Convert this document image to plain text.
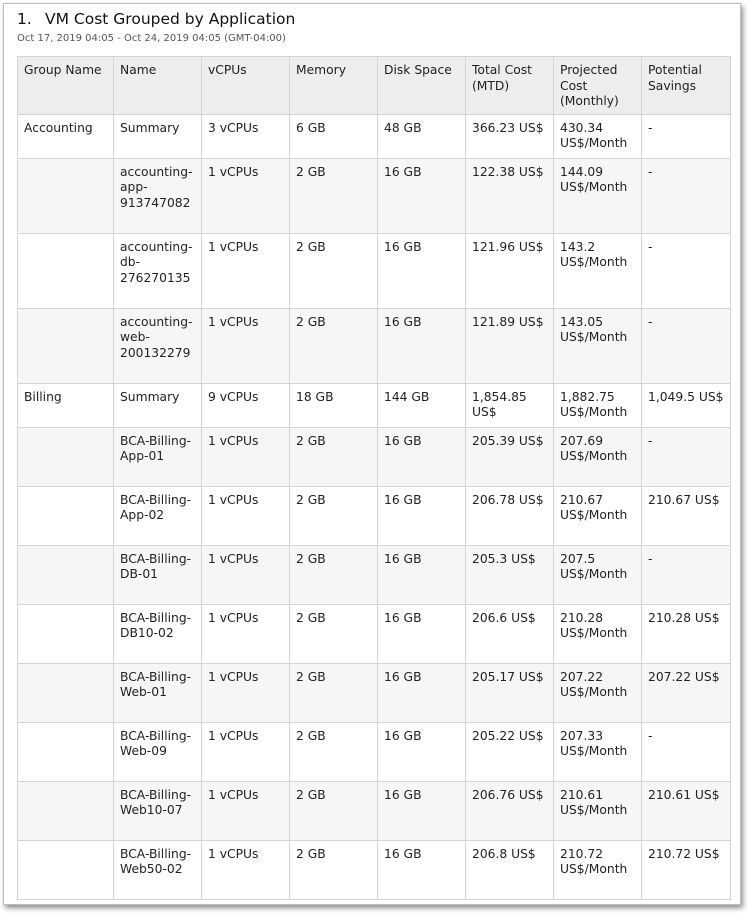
1. VM Cost Grouped by Application
Oct 17, 2019 04:05 - Oct 24, 2019 04:05 (GMT-04:00)
Group Name	Name	vCPUs	Memory	Disk Space	Total Cost (MTD)	Projected Cost (Monthly)	Potential Savings
Accounting	Summary	3 vCPUs	6 GB	48 GB	366.23 US$	430.34 US$/Month	-
	accounting-app-913747082	1 vCPUs	2 GB	16 GB	122.38 US$	144.09 US$/Month	-
	accounting-db-276270135	1 vCPUs	2 GB	16 GB	121.96 US$	143.2 US$/Month	-
	accounting-web-200132279	1 vCPUs	2 GB	16 GB	121.89 US$	143.05 US$/Month	-
Billing	Summary	9 vCPUs	18 GB	144 GB	1,854.85 US$	1,882.75 US$/Month	1,049.5 US$
	BCA-Billing-App-01	1 vCPUs	2 GB	16 GB	205.39 US$	207.69 US$/Month	-
	BCA-Billing-App-02	1 vCPUs	2 GB	16 GB	206.78 US$	210.67 US$/Month	210.67 US$
	BCA-Billing-DB-01	1 vCPUs	2 GB	16 GB	205.3 US$	207.5 US$/Month	-
	BCA-Billing-DB10-02	1 vCPUs	2 GB	16 GB	206.6 US$	210.28 US$/Month	210.28 US$
	BCA-Billing-Web-01	1 vCPUs	2 GB	16 GB	205.17 US$	207.22 US$/Month	207.22 US$
	BCA-Billing-Web-09	1 vCPUs	2 GB	16 GB	205.22 US$	207.33 US$/Month	-
	BCA-Billing-Web10-07	1 vCPUs	2 GB	16 GB	206.76 US$	210.61 US$/Month	210.61 US$
	BCA-Billing-Web50-02	1 vCPUs	2 GB	16 GB	206.8 US$	210.72 US$/Month	210.72 US$
